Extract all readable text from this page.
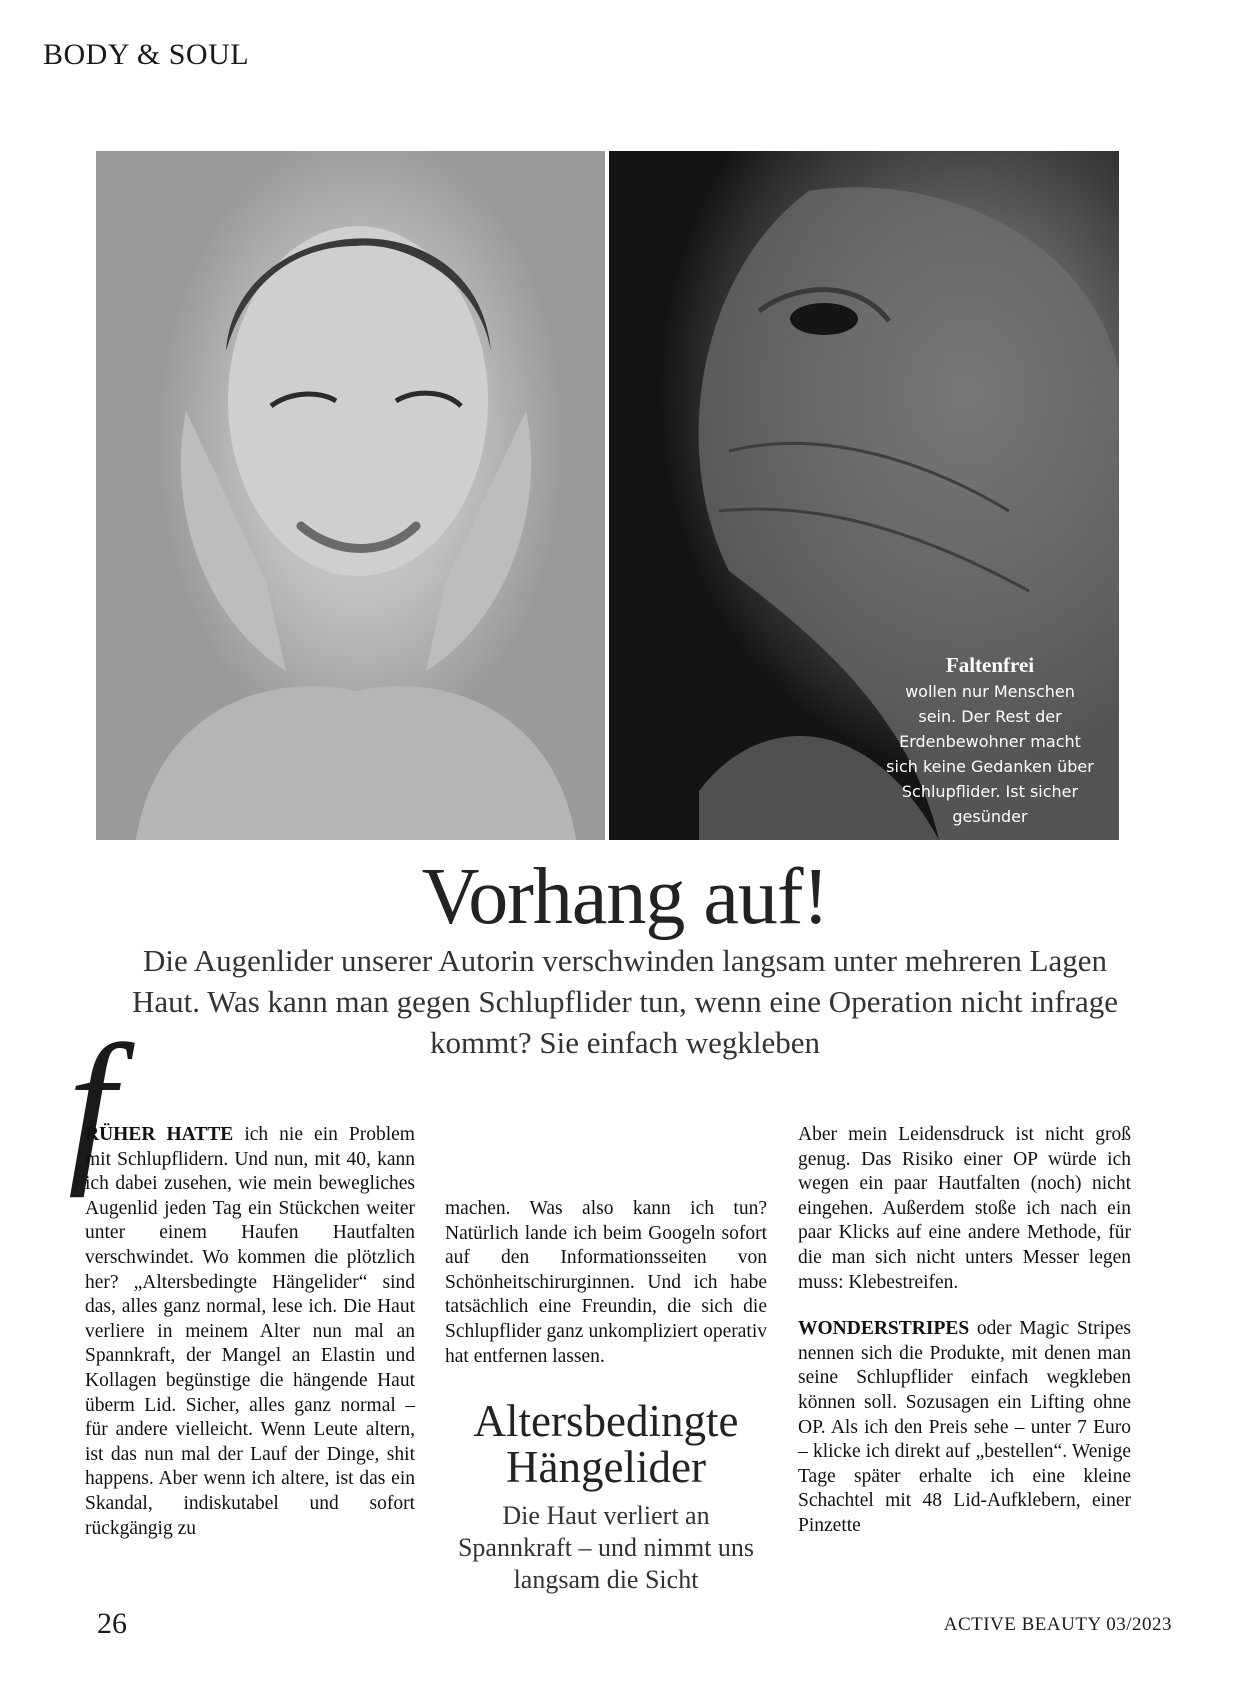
BODY & SOUL
Faltenfrei
wollen nur Menschen sein. Der Rest der Erdenbewohner macht sich keine Gedanken über Schlupflider. Ist sicher gesünder
Vorhang auf!

Die Augenlider unserer Autorin verschwinden langsam unter mehreren Lagen Haut. Was kann man gegen Schlupflider tun, wenn eine Operation nicht infrage kommt? Sie einfach wegkleben

f

RÜHER HATTE ich nie ein Problem mit Schlupflidern. Und nun, mit 40, kann ich dabei zusehen, wie mein bewegliches Augenlid jeden Tag ein Stückchen weiter unter einem Haufen Hautfalten verschwindet. Wo kommen die plötzlich her? „Altersbedingte Hängelider“ sind das, alles ganz normal, lese ich. Die Haut verliere in meinem Alter nun mal an Spannkraft, der Mangel an Elastin und Kollagen begünstige die hängende Haut überm Lid. Sicher, alles ganz normal – für andere vielleicht. Wenn Leute altern, ist das nun mal der Lauf der Dinge, shit happens. Aber wenn ich altere, ist das ein Skandal, indiskutabel und sofort rückgängig zu

machen. Was also kann ich tun? Natürlich lande ich beim Googeln sofort auf den Informationsseiten von Schönheitschirurginnen. Und ich habe tatsächlich eine Freundin, die sich die Schlupflider ganz unkompliziert operativ hat entfernen lassen.

Altersbedingte Hängelider
Die Haut verliert an Spannkraft – und nimmt uns langsam die Sicht

Aber mein Leidensdruck ist nicht groß genug. Das Risiko einer OP würde ich wegen ein paar Hautfalten (noch) nicht eingehen. Außerdem stoße ich nach ein paar Klicks auf eine andere Methode, für die man sich nicht unters Messer legen muss: Klebestreifen.

WONDERSTRIPES oder Magic Stripes nennen sich die Produkte, mit denen man seine Schlupflider einfach wegkleben können soll. Sozusagen ein Lifting ohne OP. Als ich den Preis sehe – unter 7 Euro – klicke ich direkt auf „bestellen“. Wenige Tage später erhalte ich eine kleine Schachtel mit 48 Lid-Aufklebern, einer Pinzette

26	ACTIVE BEAUTY 03/2023
